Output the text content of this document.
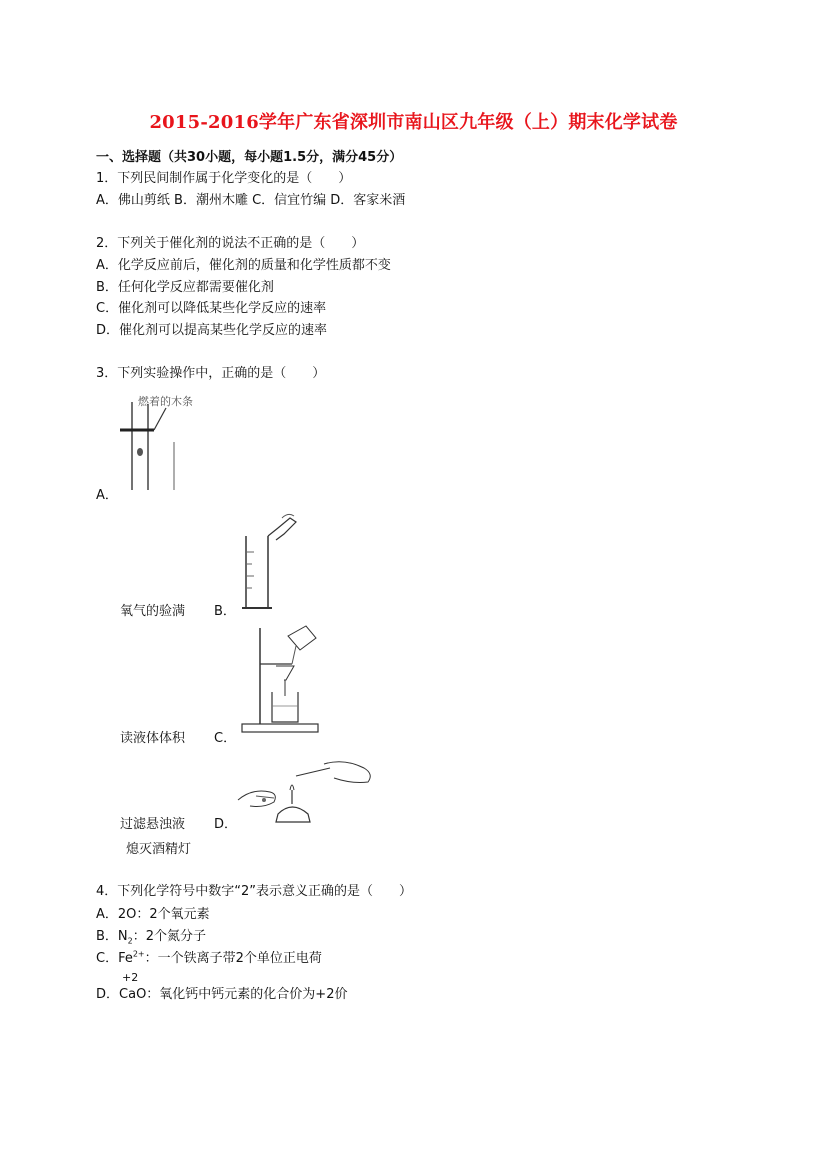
2015-2016学年广东省深圳市南山区九年级（上）期末化学试卷
一、选择题（共30小题，每小题1.5分，满分45分）
1．下列民间制作属于化学变化的是（　　）
A．佛山剪纸 B．潮州木雕 C．信宜竹编 D．客家米酒
2．下列关于催化剂的说法不正确的是（　　）
A．化学反应前后，催化剂的质量和化学性质都不变
B．任何化学反应都需要催化剂
C．催化剂可以降低某些化学反应的速率
D．催化剂可以提高某些化学反应的速率
3．下列实验操作中，正确的是（　　）
燃着的木条
A．
氧气的验满 B．
读液体体积 C．
过滤悬浊液 D．
熄灭酒精灯
4．下列化学符号中数字“2”表示意义正确的是（　　）
A．2O：2个氧元素
B．$N_2$：2个氮分子
C．$Fe^{2+}$：一个铁离子带2个单位正电荷
D．
+2
CaO：氧化钙中钙元素的化合价为+2价
